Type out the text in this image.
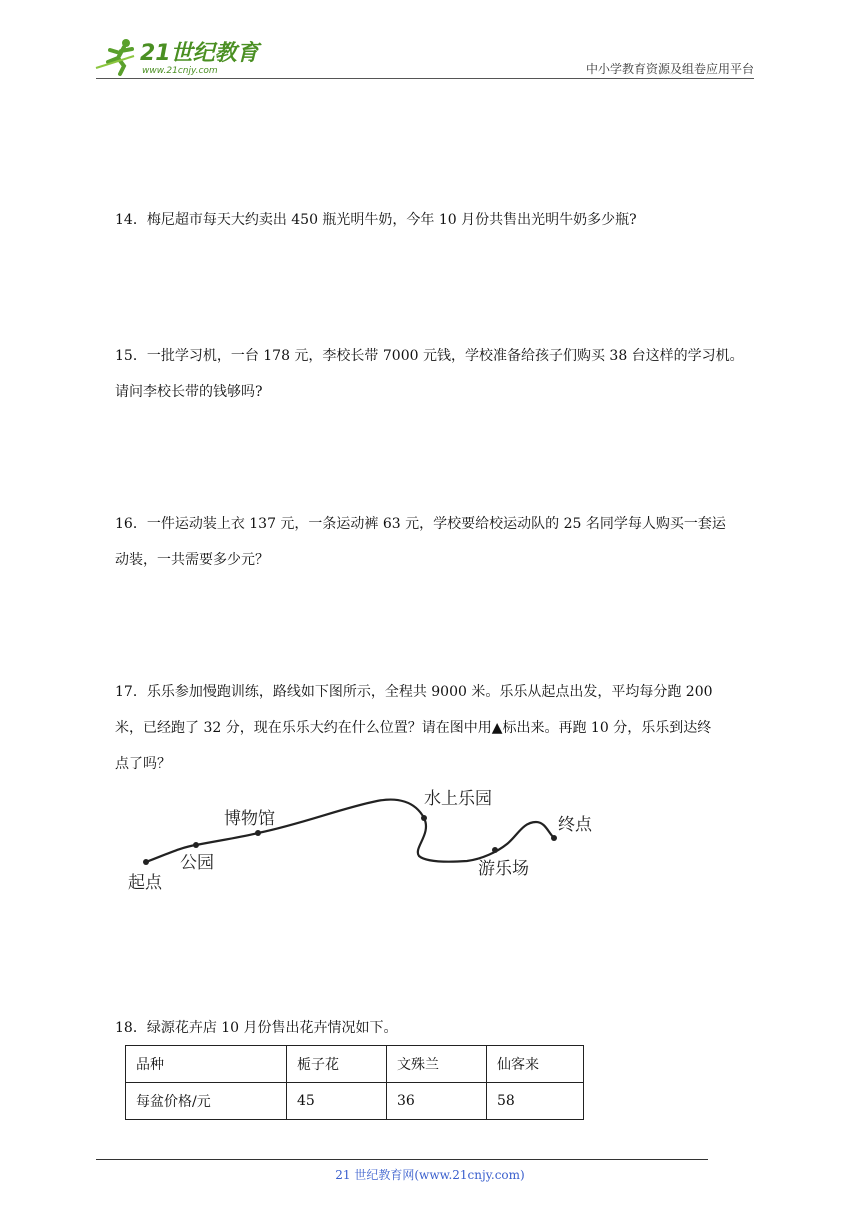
21世纪教育
www.21cnjy.com	中小学教育资源及组卷应用平台

14．梅尼超市每天大约卖出 450 瓶光明牛奶，今年 10 月份共售出光明牛奶多少瓶?

15．一批学习机，一台 178 元，李校长带 7000 元钱，学校准备给孩子们购买 38 台这样的学习机。

请问李校长带的钱够吗?

16．一件运动装上衣 137 元，一条运动裤 63 元，学校要给校运动队的 25 名同学每人购买一套运

动装，一共需要多少元？

17．乐乐参加慢跑训练，路线如下图所示，全程共 9000 米。乐乐从起点出发，平均每分跑 200

米，已经跑了 32 分，现在乐乐大约在什么位置？请在图中用▲标出来。再跑 10 分，乐乐到达终

点了吗？

起点
公园
博物馆
水上乐园
游乐场
终点

18．绿源花卉店 10 月份售出花卉情况如下。

品种	栀子花	文殊兰	仙客来
每盆价格/元	45	36	58
21 世纪教育网(www.21cnjy.com)
